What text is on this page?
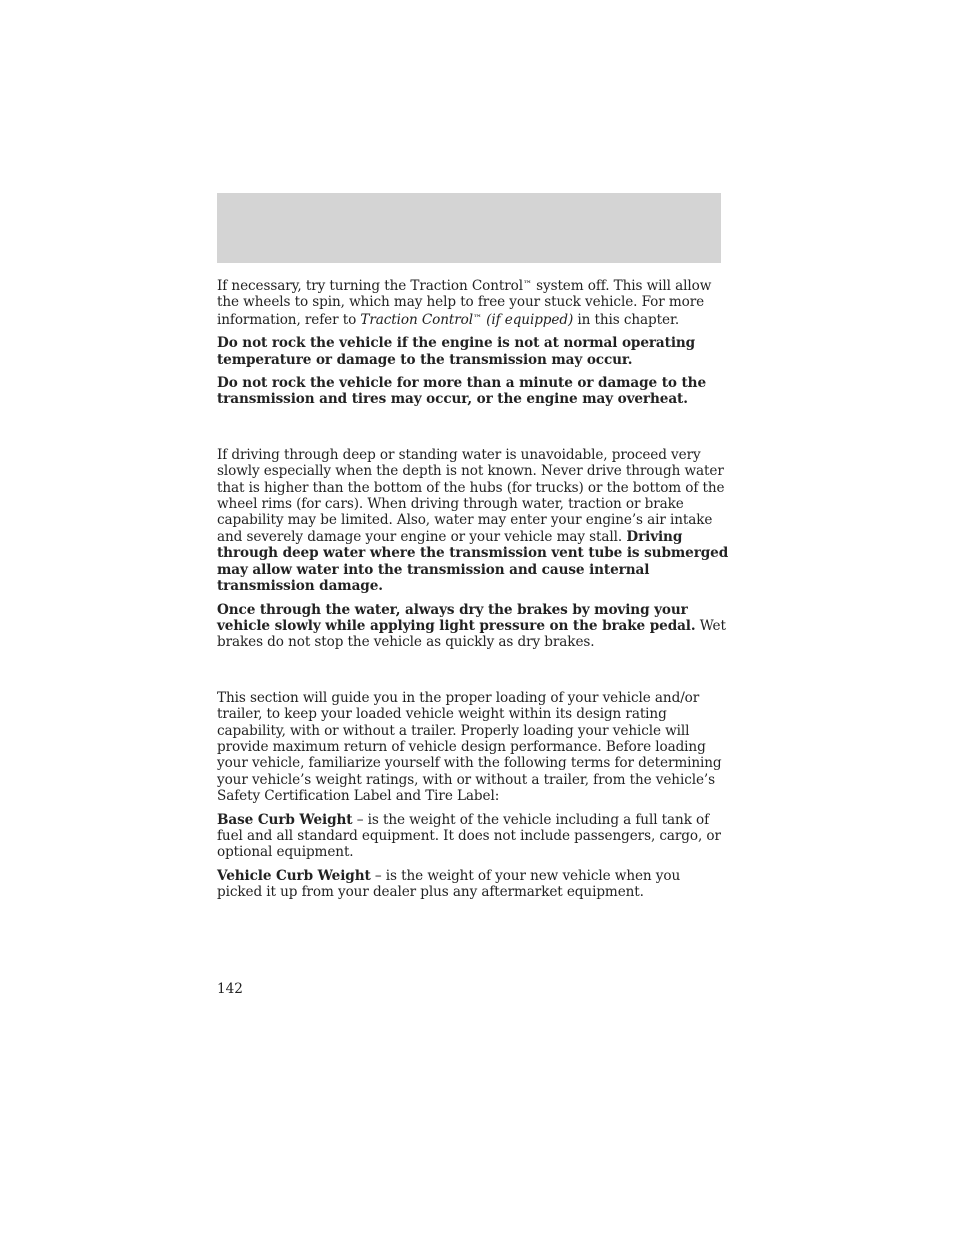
If necessary, try turning the Traction Control™ system off. This will allow the wheels to spin, which may help to free your stuck vehicle. For more information, refer to Traction Control™ (if equipped) in this chapter.

Do not rock the vehicle if the engine is not at normal operating temperature or damage to the transmission may occur.

Do not rock the vehicle for more than a minute or damage to the transmission and tires may occur, or the engine may overheat.

If driving through deep or standing water is unavoidable, proceed very slowly especially when the depth is not known. Never drive through water that is higher than the bottom of the hubs (for trucks) or the bottom of the wheel rims (for cars). When driving through water, traction or brake capability may be limited. Also, water may enter your engine’s air intake and severely damage your engine or your vehicle may stall. Driving through deep water where the transmission vent tube is submerged may allow water into the transmission and cause internal transmission damage.

Once through the water, always dry the brakes by moving your vehicle slowly while applying light pressure on the brake pedal. Wet brakes do not stop the vehicle as quickly as dry brakes.

This section will guide you in the proper loading of your vehicle and/or trailer, to keep your loaded vehicle weight within its design rating capability, with or without a trailer. Properly loading your vehicle will provide maximum return of vehicle design performance. Before loading your vehicle, familiarize yourself with the following terms for determining your vehicle’s weight ratings, with or without a trailer, from the vehicle’s Safety Certification Label and Tire Label:

Base Curb Weight – is the weight of the vehicle including a full tank of fuel and all standard equipment. It does not include passengers, cargo, or optional equipment.

Vehicle Curb Weight – is the weight of your new vehicle when you picked it up from your dealer plus any aftermarket equipment.

142
